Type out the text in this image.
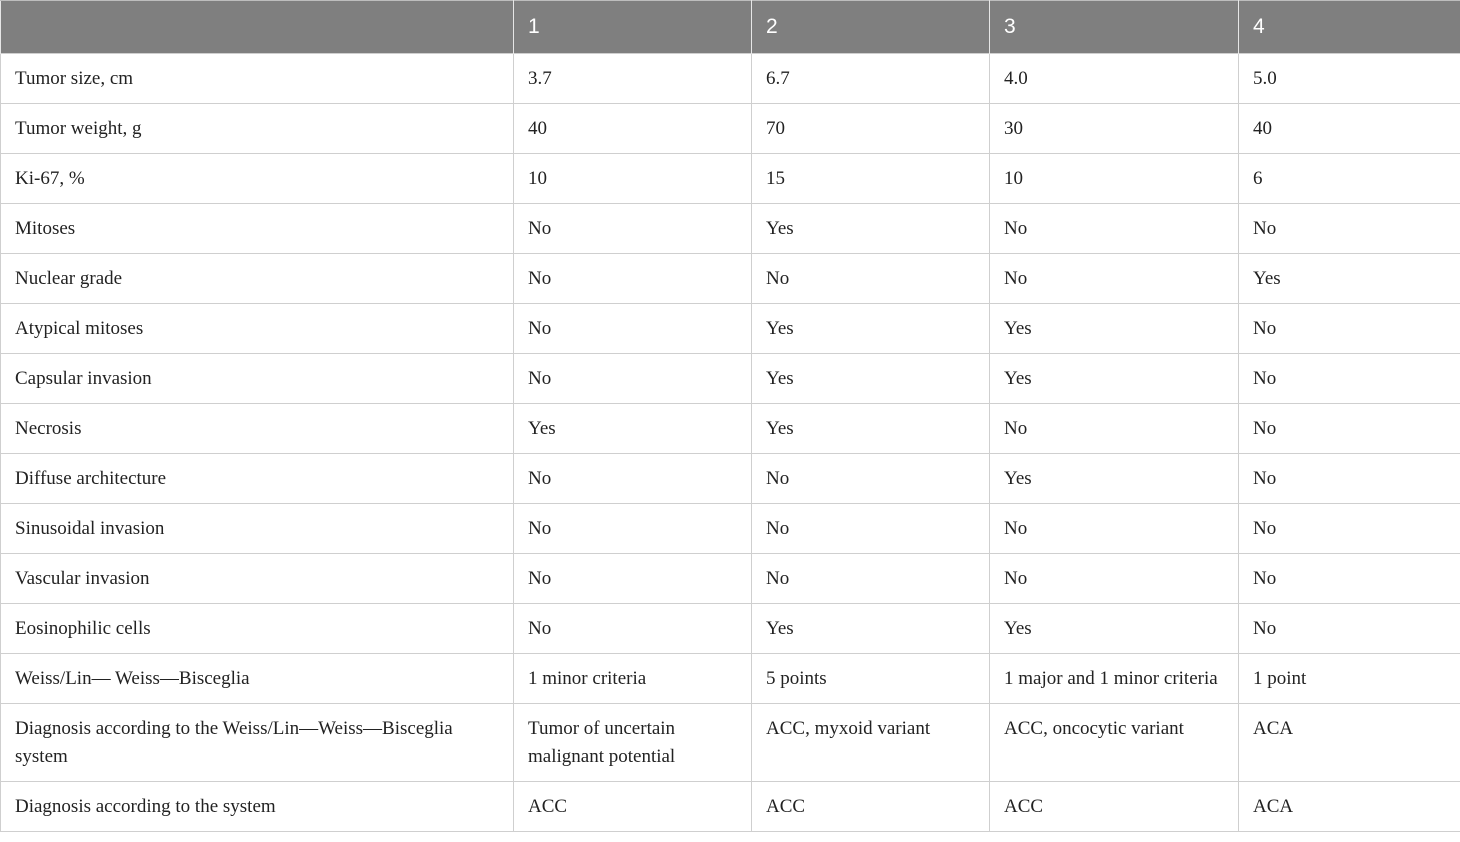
	1	2	3	4
Tumor size, cm	3.7	6.7	4.0	5.0
Tumor weight, g	40	70	30	40
Ki-67, %	10	15	10	6
Mitoses	No	Yes	No	No
Nuclear grade	No	No	No	Yes
Atypical mitoses	No	Yes	Yes	No
Capsular invasion	No	Yes	Yes	No
Necrosis	Yes	Yes	No	No
Diffuse architecture	No	No	Yes	No
Sinusoidal invasion	No	No	No	No
Vascular invasion	No	No	No	No
Eosinophilic cells	No	Yes	Yes	No
Weiss/Lin— Weiss—Bisceglia	1 minor criteria	5 points	1 major and 1 minor criteria	1 point
Diagnosis according to the Weiss/Lin—Weiss—Bisceglia system	Tumor of uncertain malignant potential	ACC, myxoid variant	ACC, oncocytic variant	ACA
Diagnosis according to the system	ACC	ACC	ACC	ACA
